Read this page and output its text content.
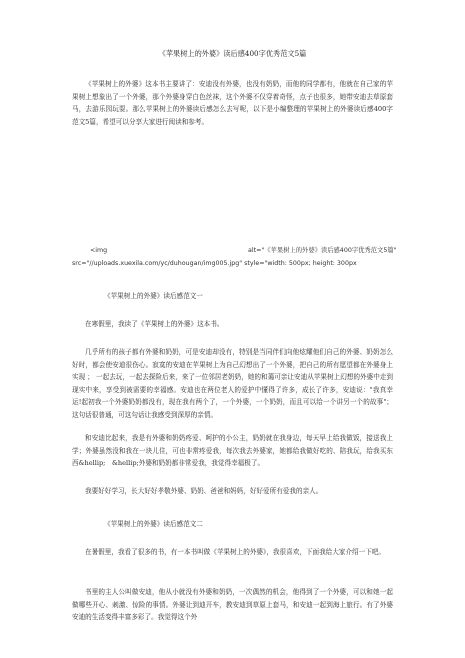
《苹果树上的外婆》读后感400字优秀范文5篇

《苹果树上的外婆》这本书主要讲了：安迪没有外婆，也没有奶奶，而他的同学都有，他就在自己家的苹果树上想象出了一个外婆，那个外婆身穿白色丝袜，这个外婆不仅穿着奇怪，点子也很多，她带安迪去草原套马，去游乐园玩耍。那么苹果树上的外婆读后感怎么去写呢，以下是小编整理的苹果树上的外婆读后感400字范文5篇，希望可以分享大家进行阅读和参考。

<img	alt="《苹果树上的外婆》读后感400字优秀范文5篇"
src="//uploads.xuexila.com/yc/duhougan/img005.jpg" style="width: 500px; height: 300px
《苹果树上的外婆》读后感范文一

在寒假里，我读了《苹果树上的外婆》这本书。

几乎所有的孩子都有外婆和奶奶，可是安迪却没有，特别是当同伴们向他炫耀他们自己的外婆、奶奶怎么好时，都会使安迪很伤心。寂寞的安迪在苹果树上为自己幻想出了一个外婆，把自己的所有愿望都在外婆身上实现 ； 一起去玩，一起去探险后来，来了一位邻居老奶奶，她的和蔼可亲让安迪从苹果树上幻想的外婆中走到现实中来，享受到被需要的幸福感。安迪也在两位老人的爱护中懂得了许多，成长了许多，安迪说："我真幸运!起初我一个外婆奶奶都没有，现在我有两个了，一个外婆，一个奶奶，而且可以给一个讲另一个的故事"；这句话很普通，可这句话让我感受到深厚的亲情。

和安迪比起来，我是有外婆和奶奶疼爱、呵护的小公主，奶奶就在我身边，每天早上给我做饭，接送我上学；外婆虽然没和我在一块儿住，可也非常疼爱我，每次我去外婆家，她都给我做好吃的、陪我玩，给我买东西&hellip;　&hellip;外婆和奶奶都非常爱我，我觉得幸福极了。

我要好好学习，长大好好孝敬外婆、奶奶、爸爸和妈妈，好好爱所有爱我的亲人。

《苹果树上的外婆》读后感范文二

在暑假里，我看了很多的书，有一本书叫做《苹果树上的外婆》，我很喜欢，下面我给大家介绍一下吧。

书里的主人公叫做安迪，他从小就没有外婆和奶奶，一次偶然的机会，他得到了一个外婆，可以和她一起做哪些开心、刺激、惊险的事情。外婆让到迪开车，教安迪到草原上套马，和安迪一起到海上旅行。有了外婆安迪的生活变得丰富多彩了。我觉得这个外
